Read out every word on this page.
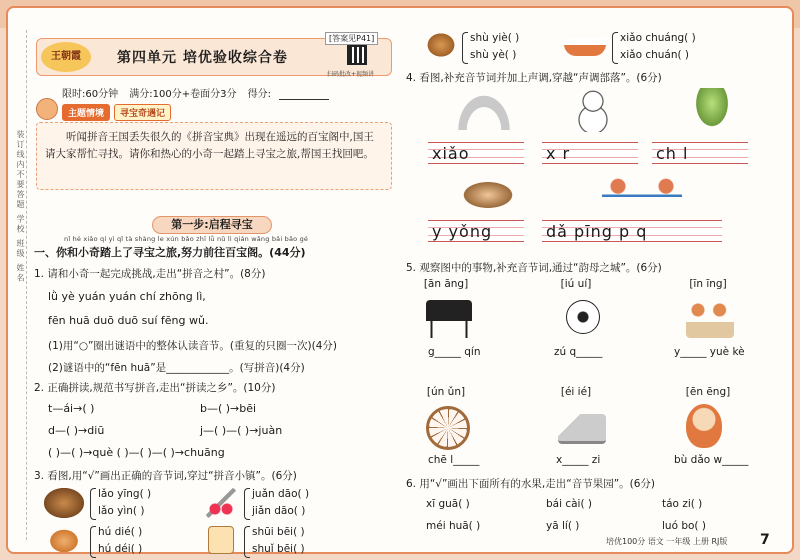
装订线内不要答题 学校 班级 姓名
王朝霞	第四单元 培优验收综合卷
[答案见P41]
扫码批改+视频讲
限时:60分钟 满分:100分+卷面分3分 得分:
主题情境	寻宝奇遇记
听闻拼音王国丢失很久的《拼音宝典》出现在遥远的百宝阁中,国王请大家帮忙寻找。请你和热心的小奇一起踏上寻宝之旅,帮国王找回吧。
第一步:启程寻宝
nǐ hé xiǎo qí yì qǐ tà shàng le xún bǎo zhī lǚ nǔ lì qián wǎng bǎi bǎo gé
一、你和小奇踏上了寻宝之旅,努力前往百宝阁。(44分)
1. 请和小奇一起完成挑战,走出“拼音之村”。(8分)
lǜ yè yuán yuán chí zhōng lì,
fēn huā duō duō suí fēng wǔ.
(1)用“○”圈出谜语中的整体认读音节。(重复的只圈一次)(4分)
(2)谜语中的“fēn huā”是____________。(写拼音)(4分)
2. 正确拼读,规范书写拼音,走出“拼读之乡”。(10分)
t—ái→( )	b—( )→bēi
d—( )→diū	j—( )—( )→juàn
( )—( )→què ( )—( )—( )→chuāng
3. 看图,用“√”画出正确的音节词,穿过“拼音小镇”。(6分)
lǎo yīng( )
lǎo yìn( )
juǎn dāo( )
jiǎn dāo( )
hú dié( )
hú déi( )
shūi bēi( )
shuǐ bēi( )
shù yiè( )
shù yè( )
xiǎo chuáng( )
xiǎo chuán( )
4. 看图,补充音节词并加上声调,穿越“声调部落”。(6分)
xiǎo	x r	ch l
y yǒng	dǎ pīng p q
5. 观察图中的事物,补充音节词,通过“韵母之城”。(6分)
[ān āng]	[iú uí]	[īn īng]
g_____ qín	zú q_____	y_____ yuè kè
[ún ǔn]	[éi ié]	[ēn ēng]
chē l_____	x_____ zi	bù dǎo w_____
6. 用“√”画出下面所有的水果,走出“音节果园”。(6分)
xī guā( )	bái cài( )	táo zi( )
méi huā( )	yā lí( )	luó bo( )
培优100分 语文 一年级 上册 RJ版 7
